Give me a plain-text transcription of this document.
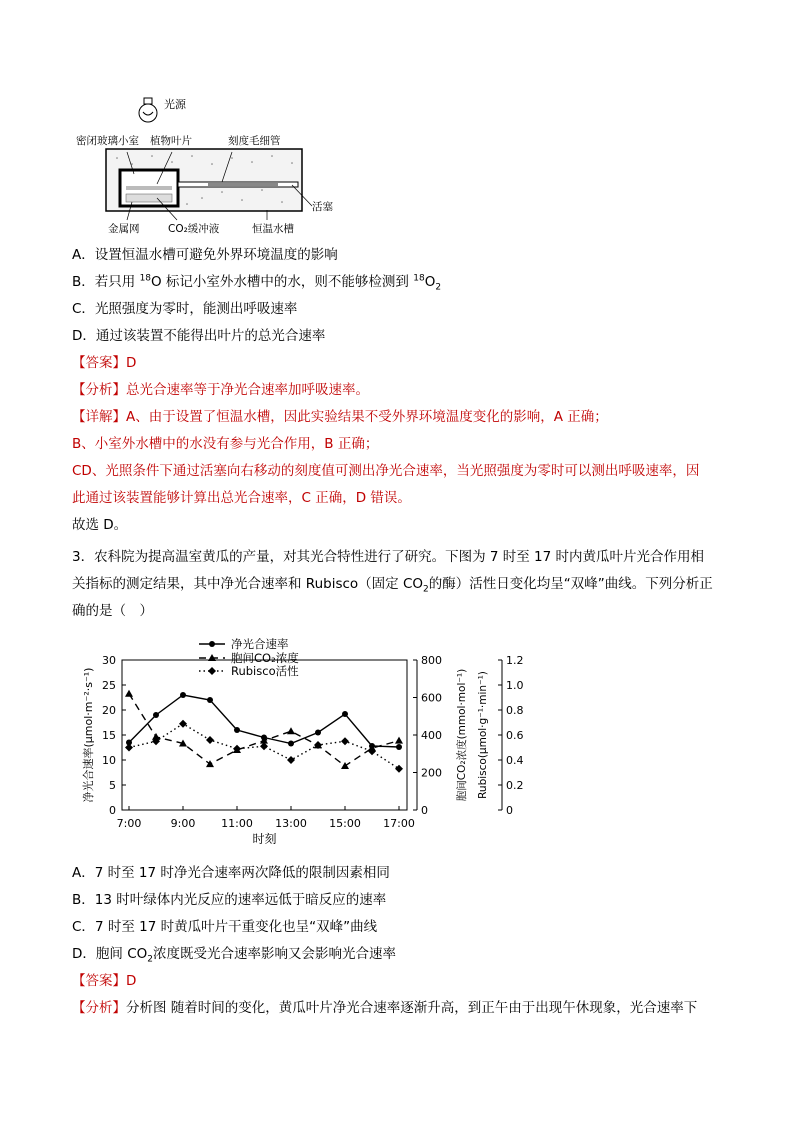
光源
密闭玻璃小室 植物叶片	刻度毛细管
活塞
金属网	CO₂缓冲液	恒温水槽
A．设置恒温水槽可避免外界环境温度的影响
B．若只用 $^{18}$O 标记小室外水槽中的水，则不能够检测到 $^{18}O_2$
C．光照强度为零时，能测出呼吸速率
D．通过该装置不能得出叶片的总光合速率
【答案】D
【分析】总光合速率等于净光合速率加呼吸速率。
【详解】A、由于设置了恒温水槽，因此实验结果不受外界环境温度变化的影响，A 正确；
B、小室外水槽中的水没有参与光合作用，B 正确；
CD、光照条件下通过活塞向右移动的刻度值可测出净光合速率，当光照强度为零时可以测出呼吸速率，因
此通过该装置能够计算出总光合速率，C 正确，D 错误。
故选 D。
3．农科院为提高温室黄瓜的产量，对其光合特性进行了研究。下图为 7 时至 17 时内黄瓜叶片光合作用相
关指标的测定结果，其中净光合速率和 Rubisco（固定 $CO_2$的酶）活性日变化均呈“双峰”曲线。下列分析正
确的是（　）
0
5
10
15
20
25
30
0
200
400
600
800
0
0.2
0.4
0.6
0.8
1.0
1.2
7:00	9:00 11:00 13:00 15:00 17:00
时刻
净光合速率(μmol·m⁻²·s⁻¹)	胞间CO₂浓度(mmol·mol⁻¹) Rubisco(μmol·g⁻¹·min⁻¹)
净光合速率
胞间CO₂浓度
Rubisco活性
A．7 时至 17 时净光合速率两次降低的限制因素相同
B．13 时叶绿体内光反应的速率远低于暗反应的速率
C．7 时至 17 时黄瓜叶片干重变化也呈“双峰”曲线
D．胞间 $CO_2$浓度既受光合速率影响又会影响光合速率
【答案】D
【分析】分析图 随着时间的变化，黄瓜叶片净光合速率逐渐升高，到正午由于出现午休现象，光合速率下
